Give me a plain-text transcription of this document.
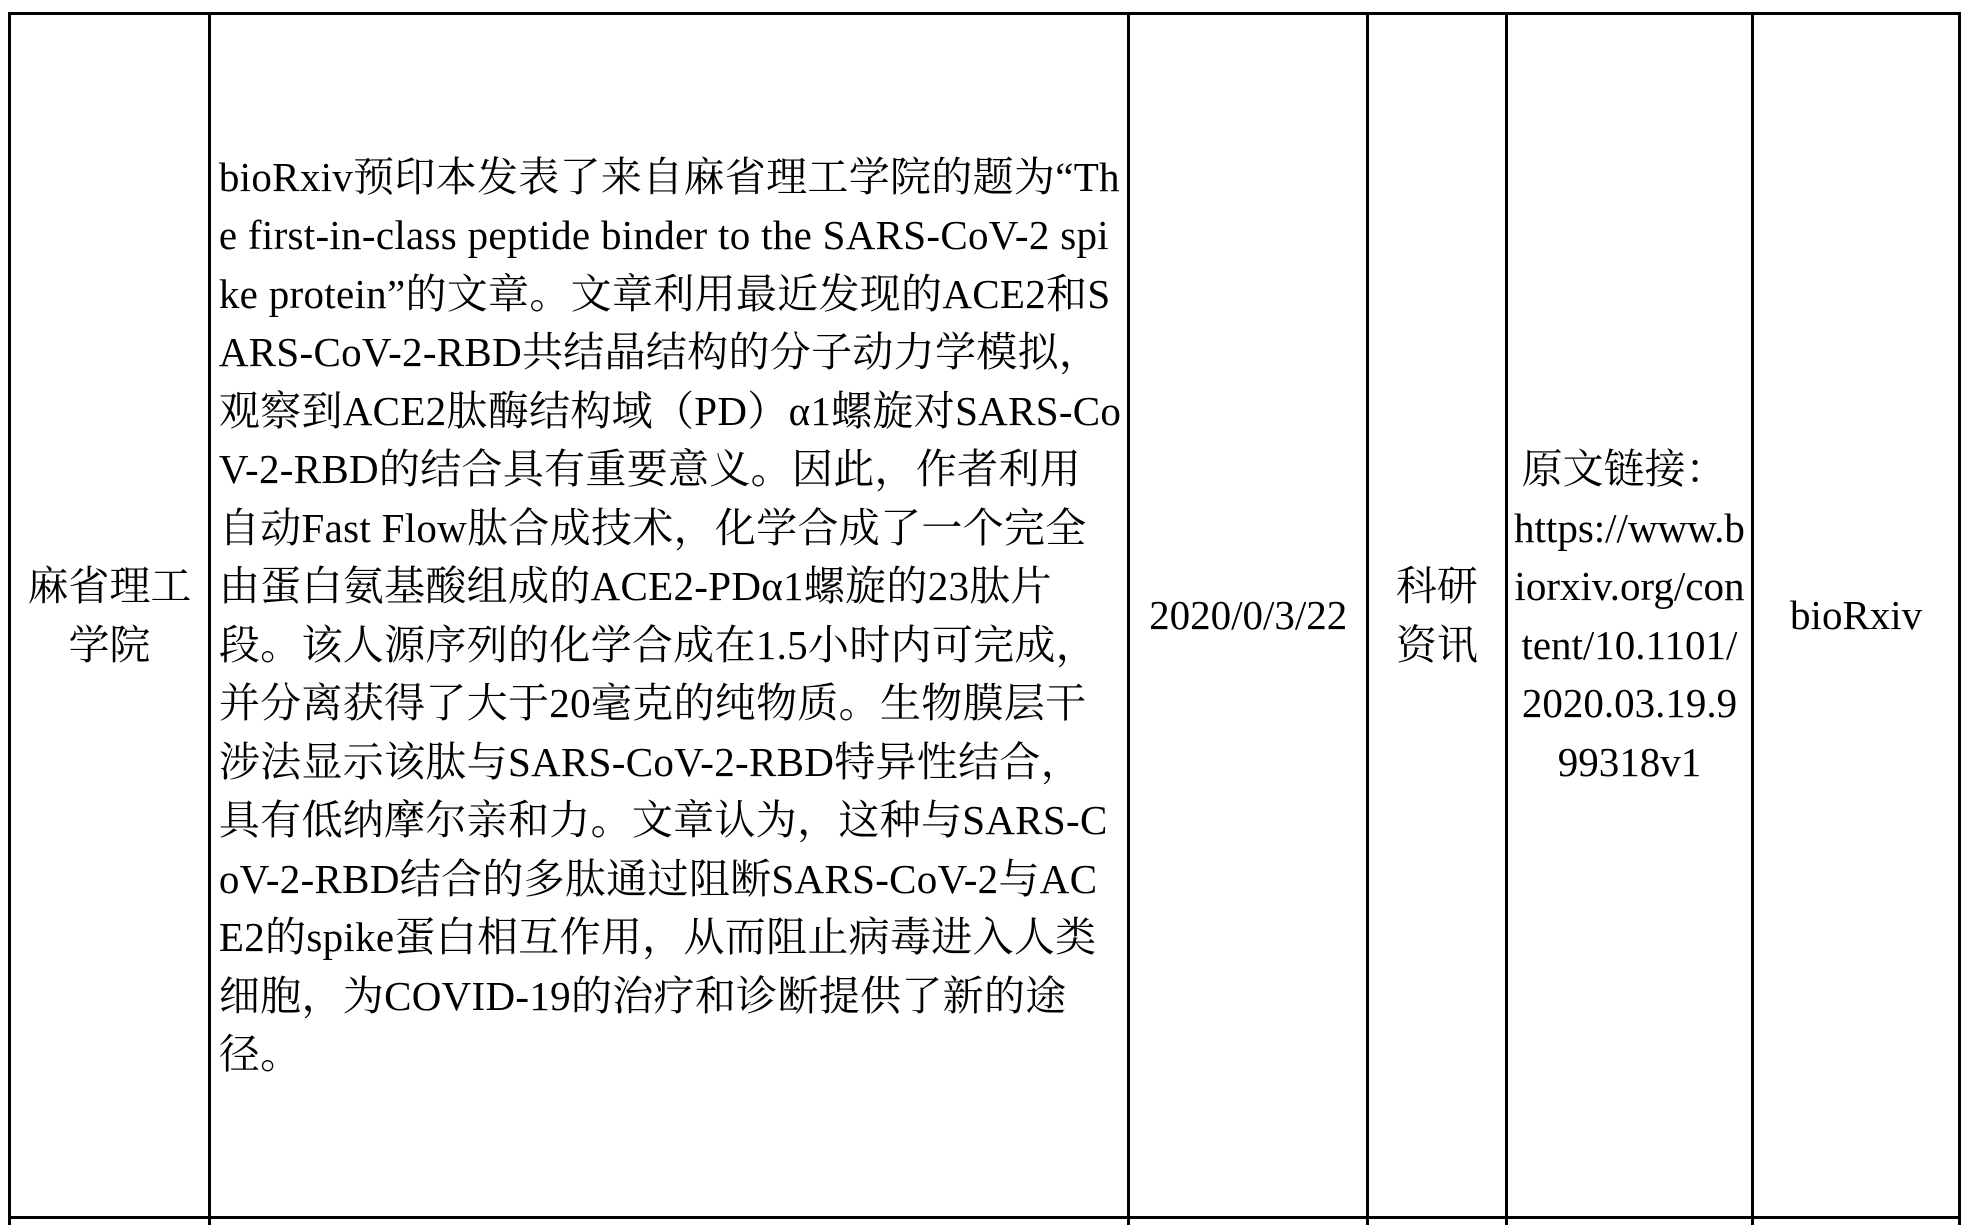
麻省理工学院	bioRxiv预印本发表了来自麻省理工学院的题为“The first-in-class peptide binder to the SARS-CoV-2 spike protein”的文章。文章利用最近发现的ACE2和SARS-CoV-2-RBD共结晶结构的分子动力学模拟，观察到ACE2肽酶结构域（PD）α1螺旋对SARS-CoV-2-RBD的结合具有重要意义。因此，作者利用自动Fast Flow肽合成技术，化学合成了一个完全由蛋白氨基酸组成的ACE2-PDα1螺旋的23肽片段。该人源序列的化学合成在1.5小时内可完成，并分离获得了大于20毫克的纯物质。生物膜层干涉法显示该肽与SARS-CoV-2-RBD特异性结合，具有低纳摩尔亲和力。文章认为，这种与SARS-CoV-2-RBD结合的多肽通过阻断SARS-CoV-2与ACE2的spike蛋白相互作用，从而阻止病毒进入人类细胞，为COVID-19的治疗和诊断提供了新的途径。	2020/0/3/22	科研资讯	原文链接：
https://www.biorxiv.org/content/10.1101/2020.03.19.999318v1	bioRxiv
